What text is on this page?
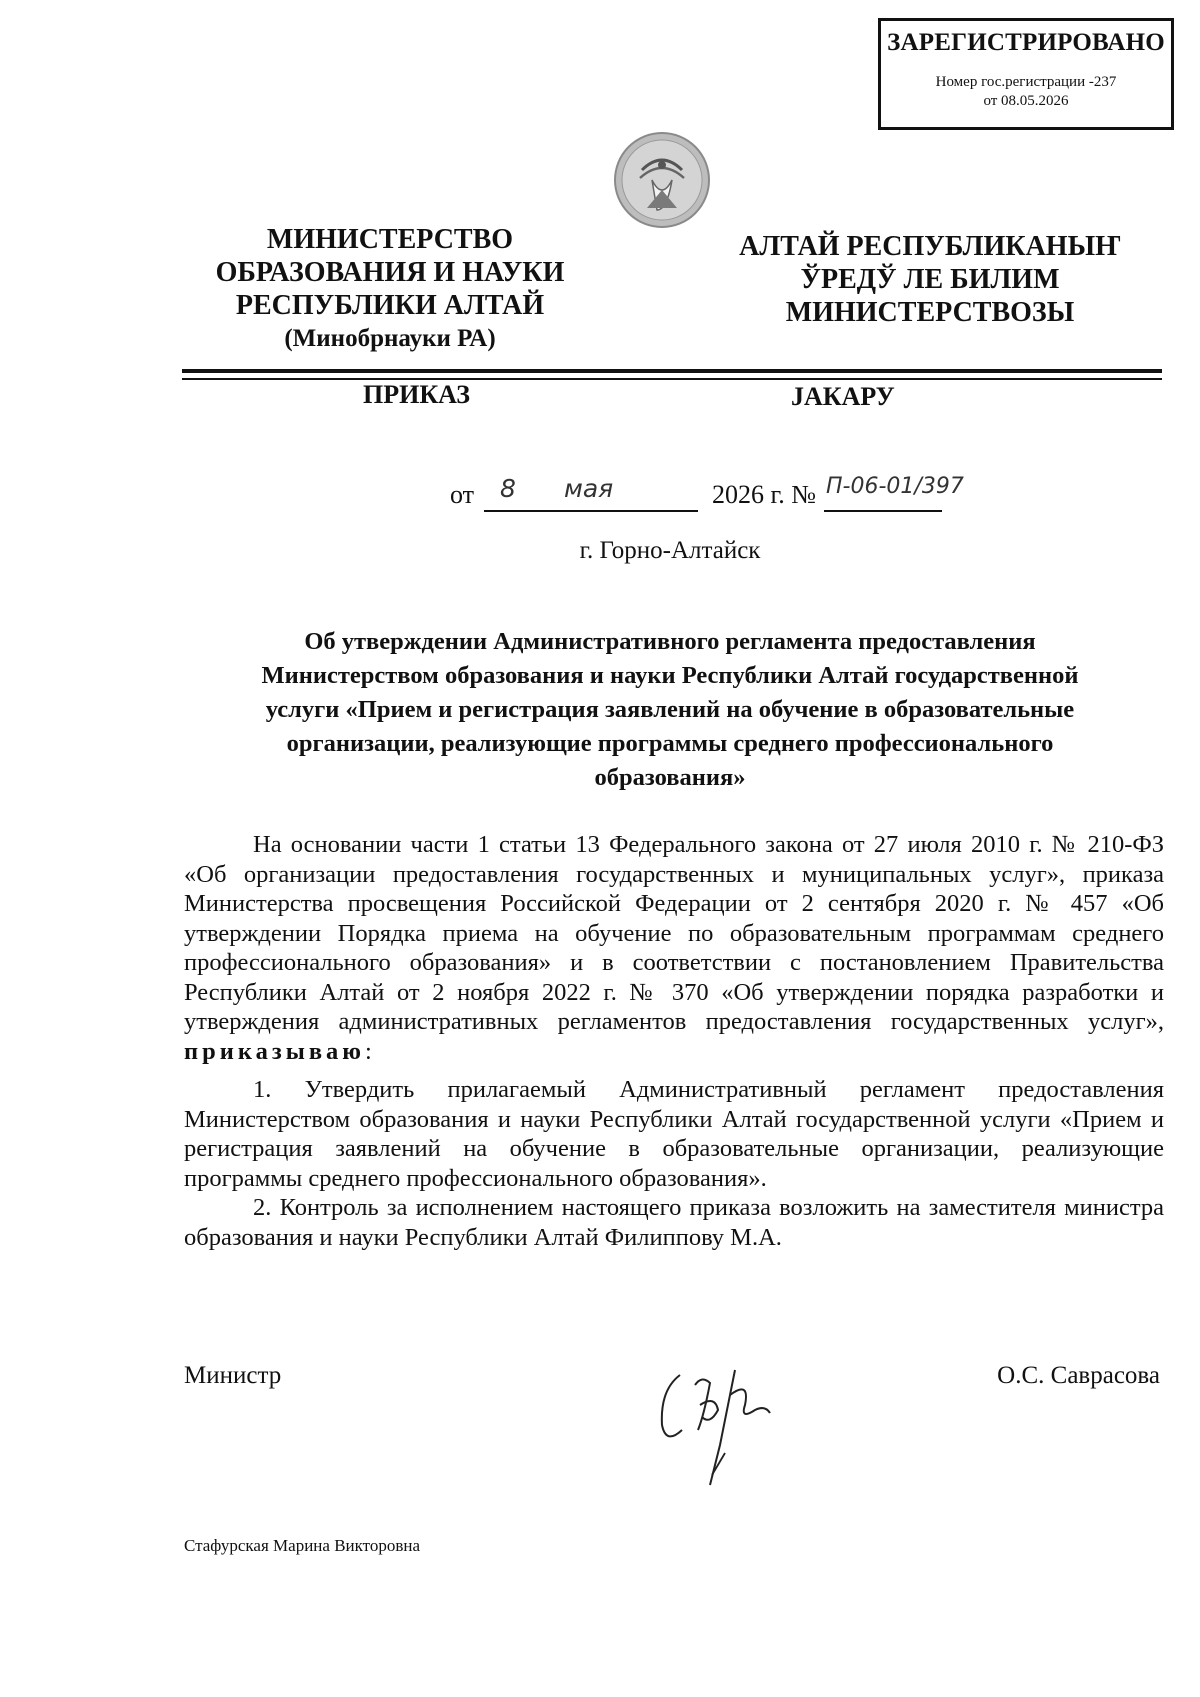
ЗАРЕГИСТРИРОВАНО
Номер гос.регистрации -237
от 08.05.2026
МИНИСТЕРСТВО
ОБРАЗОВАНИЯ И НАУКИ
РЕСПУБЛИКИ АЛТАЙ
(Минобрнауки РА)
АЛТАЙ РЕСПУБЛИКАНЫҤ
ЎРЕДЎ ЛЕ БИЛИМ
МИНИСТЕРСТВОЗЫ
ПРИКАЗ	ЈАКАРУ
от 8 мая	2026 г. № П-06-01/397
г. Горно-Алтайск
Об утверждении Административного регламента предоставления Министерством образования и науки Республики Алтай государственной услуги «Прием и регистрация заявлений на обучение в образовательные организации, реализующие программы среднего профессионального образования»
На основании части 1 статьи 13 Федерального закона от 27 июля 2010 г. № 210-ФЗ «Об организации предоставления государственных и муниципальных услуг», приказа Министерства просвещения Российской Федерации от 2 сентября 2020 г. № 457 «Об утверждении Порядка приема на обучение по образовательным программам среднего профессионального образования» и в соответствии с постановлением Правительства Республики Алтай от 2 ноября 2022 г. № 370 «Об утверждении порядка разработки и утверждения административных регламентов предоставления государственных услуг», приказываю:
1. Утвердить прилагаемый Административный регламент предоставления Министерством образования и науки Республики Алтай государственной услуги «Прием и регистрация заявлений на обучение в образовательные организации, реализующие программы среднего профессионального образования».
2. Контроль за исполнением настоящего приказа возложить на заместителя министра образования и науки Республики Алтай Филиппову М.А.
Министр	О.С. Саврасова
Стафурская Марина Викторовна
